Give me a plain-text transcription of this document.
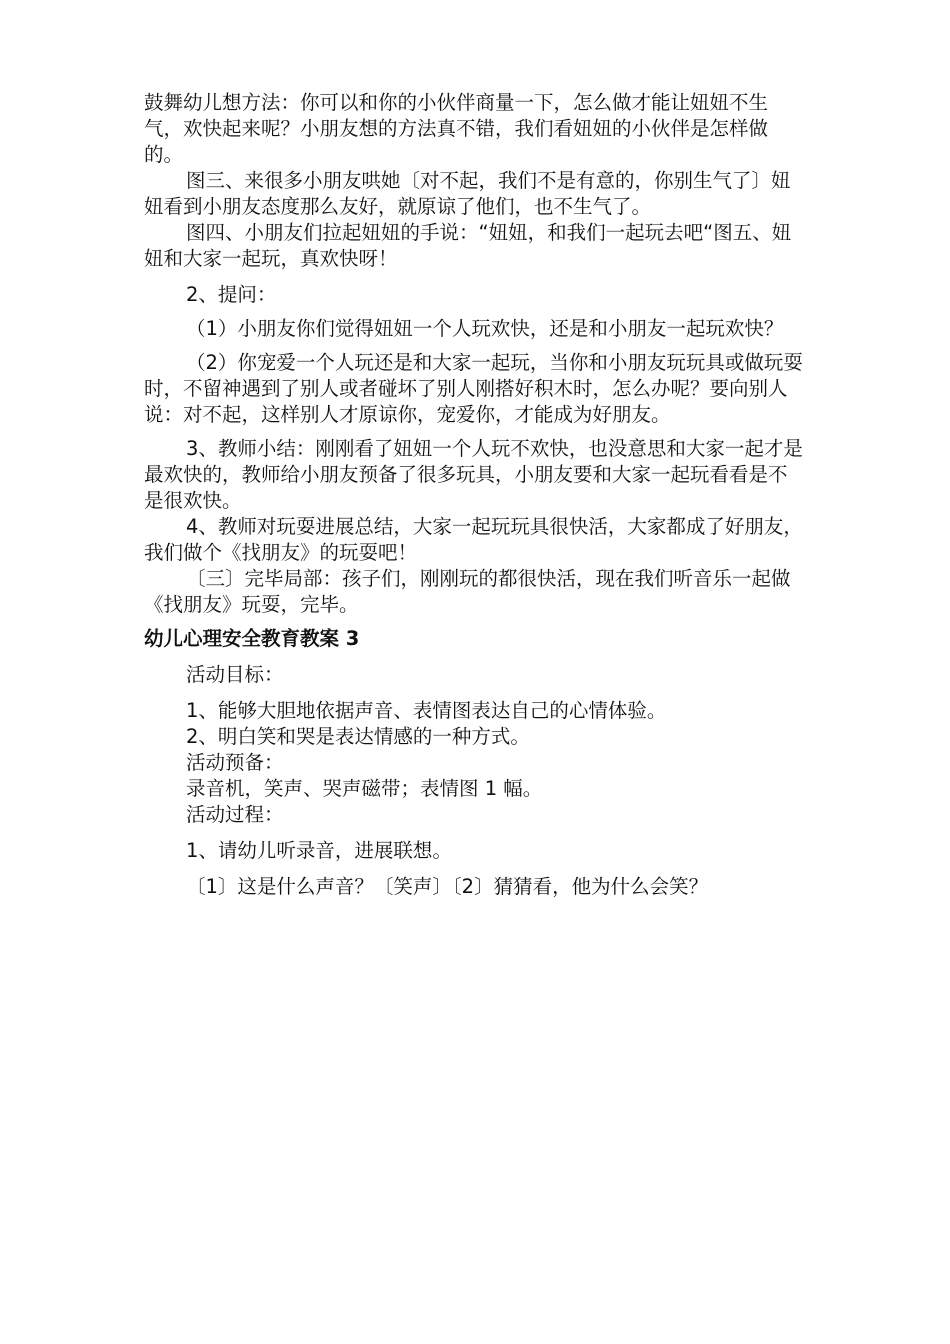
鼓舞幼儿想方法：你可以和你的小伙伴商量一下，怎么做才能让妞妞不生气，欢快起来呢？小朋友想的方法真不错，我们看妞妞的小伙伴是怎样做的。

图三、来很多小朋友哄她〔对不起，我们不是有意的，你别生气了〕妞妞看到小朋友态度那么友好，就原谅了他们，也不生气了。

图四、小朋友们拉起妞妞的手说：“妞妞，和我们一起玩去吧“图五、妞妞和大家一起玩，真欢快呀！

2、提问：

（1）小朋友你们觉得妞妞一个人玩欢快，还是和小朋友一起玩欢快？

（2）你宠爱一个人玩还是和大家一起玩，当你和小朋友玩玩具或做玩耍时，不留神遇到了别人或者碰坏了别人刚搭好积木时，怎么办呢？要向别人说：对不起，这样别人才原谅你，宠爱你，才能成为好朋友。

3、教师小结：刚刚看了妞妞一个人玩不欢快，也没意思和大家一起才是最欢快的，教师给小朋友预备了很多玩具，小朋友要和大家一起玩看看是不是很欢快。

4、教师对玩耍进展总结，大家一起玩玩具很快活，大家都成了好朋友，我们做个《找朋友》的玩耍吧！

〔三〕完毕局部：孩子们，刚刚玩的都很快活，现在我们听音乐一起做《找朋友》玩耍，完毕。

幼儿心理安全教育教案 3

活动目标：

1、能够大胆地依据声音、表情图表达自己的心情体验。

2、明白笑和哭是表达情感的一种方式。

活动预备：

录音机，笑声、哭声磁带；表情图 1 幅。

活动过程：

1、请幼儿听录音，进展联想。

〔1〕这是什么声音？〔笑声〕〔2〕猜猜看，他为什么会笑？
